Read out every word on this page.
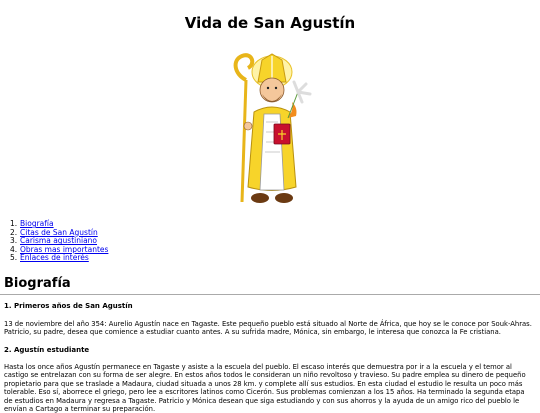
Vida de San Agustín
1. Biografía
2. Citas de San Agustín
3. Carisma agustiniano
4. Obras mas importantes
5. Enlaces de interés
Biografía
1. Primeros años de San Agustín

13 de noviembre del año 354: Aurelio Agustín nace en Tagaste. Este pequeño pueblo está situado al Norte de África, que hoy se le conoce por Souk-Ahras. Patricio, su padre, desea que comience a estudiar cuanto antes. A su sufrida madre, Mónica, sin embargo, le interesa que conozca la Fe cristiana.

2. Agustín estudiante

Hasta los once años Agustín permanece en Tagaste y asiste a la escuela del pueblo. El escaso interés que demuestra por ir a la escuela y el temor al castigo se entrelazan con su forma de ser alegre. En estos años todos le consideran un niño revoltoso y travieso. Su padre emplea su dinero de pequeño propietario para que se traslade a Madaura, ciudad situada a unos 28 km. y complete allí sus estudios. En esta ciudad el estudio le resulta un poco más tolerable. Eso sí, aborrece el griego, pero lee a escritores latinos como Cicerón. Sus problemas comienzan a los 15 años. Ha terminado la segunda etapa de estudios en Madaura y regresa a Tagaste. Patricio y Mónica desean que siga estudiando y con sus ahorros y la ayuda de un amigo rico del pueblo le envían a Cartago a terminar su preparación.
